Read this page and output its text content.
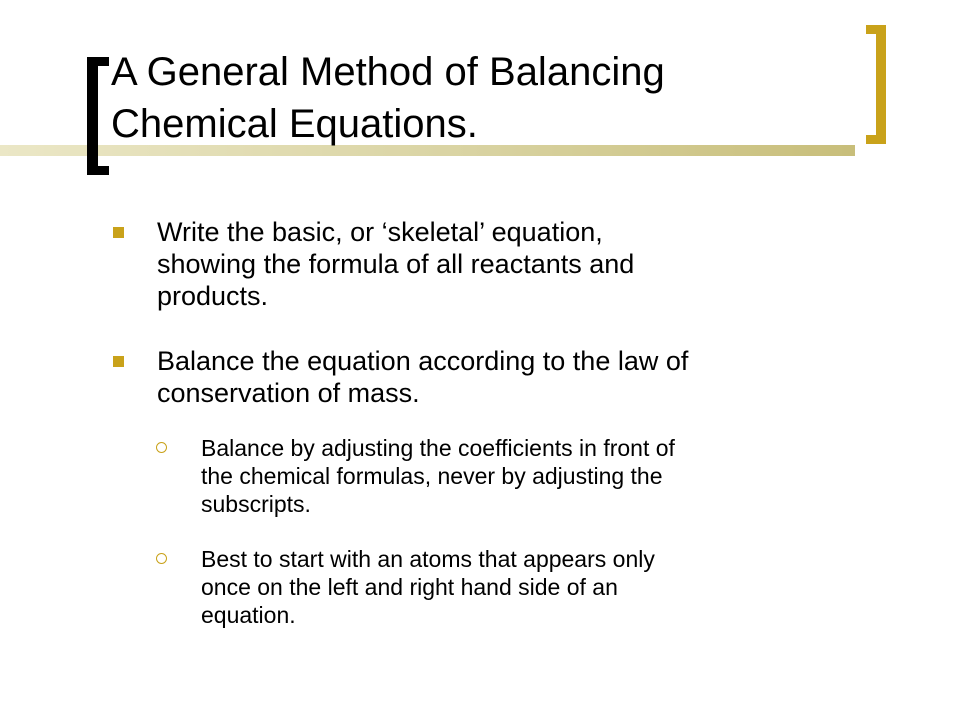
A General Method of Balancing
Chemical Equations.
Write the basic, or ‘skeletal’ equation,
showing the formula of all reactants and
products.
Balance the equation according to the law of
conservation of mass.
Balance by adjusting the coefficients in front of
the chemical formulas, never by adjusting the
subscripts.
Best to start with an atoms that appears only
once on the left and right hand side of an
equation.
